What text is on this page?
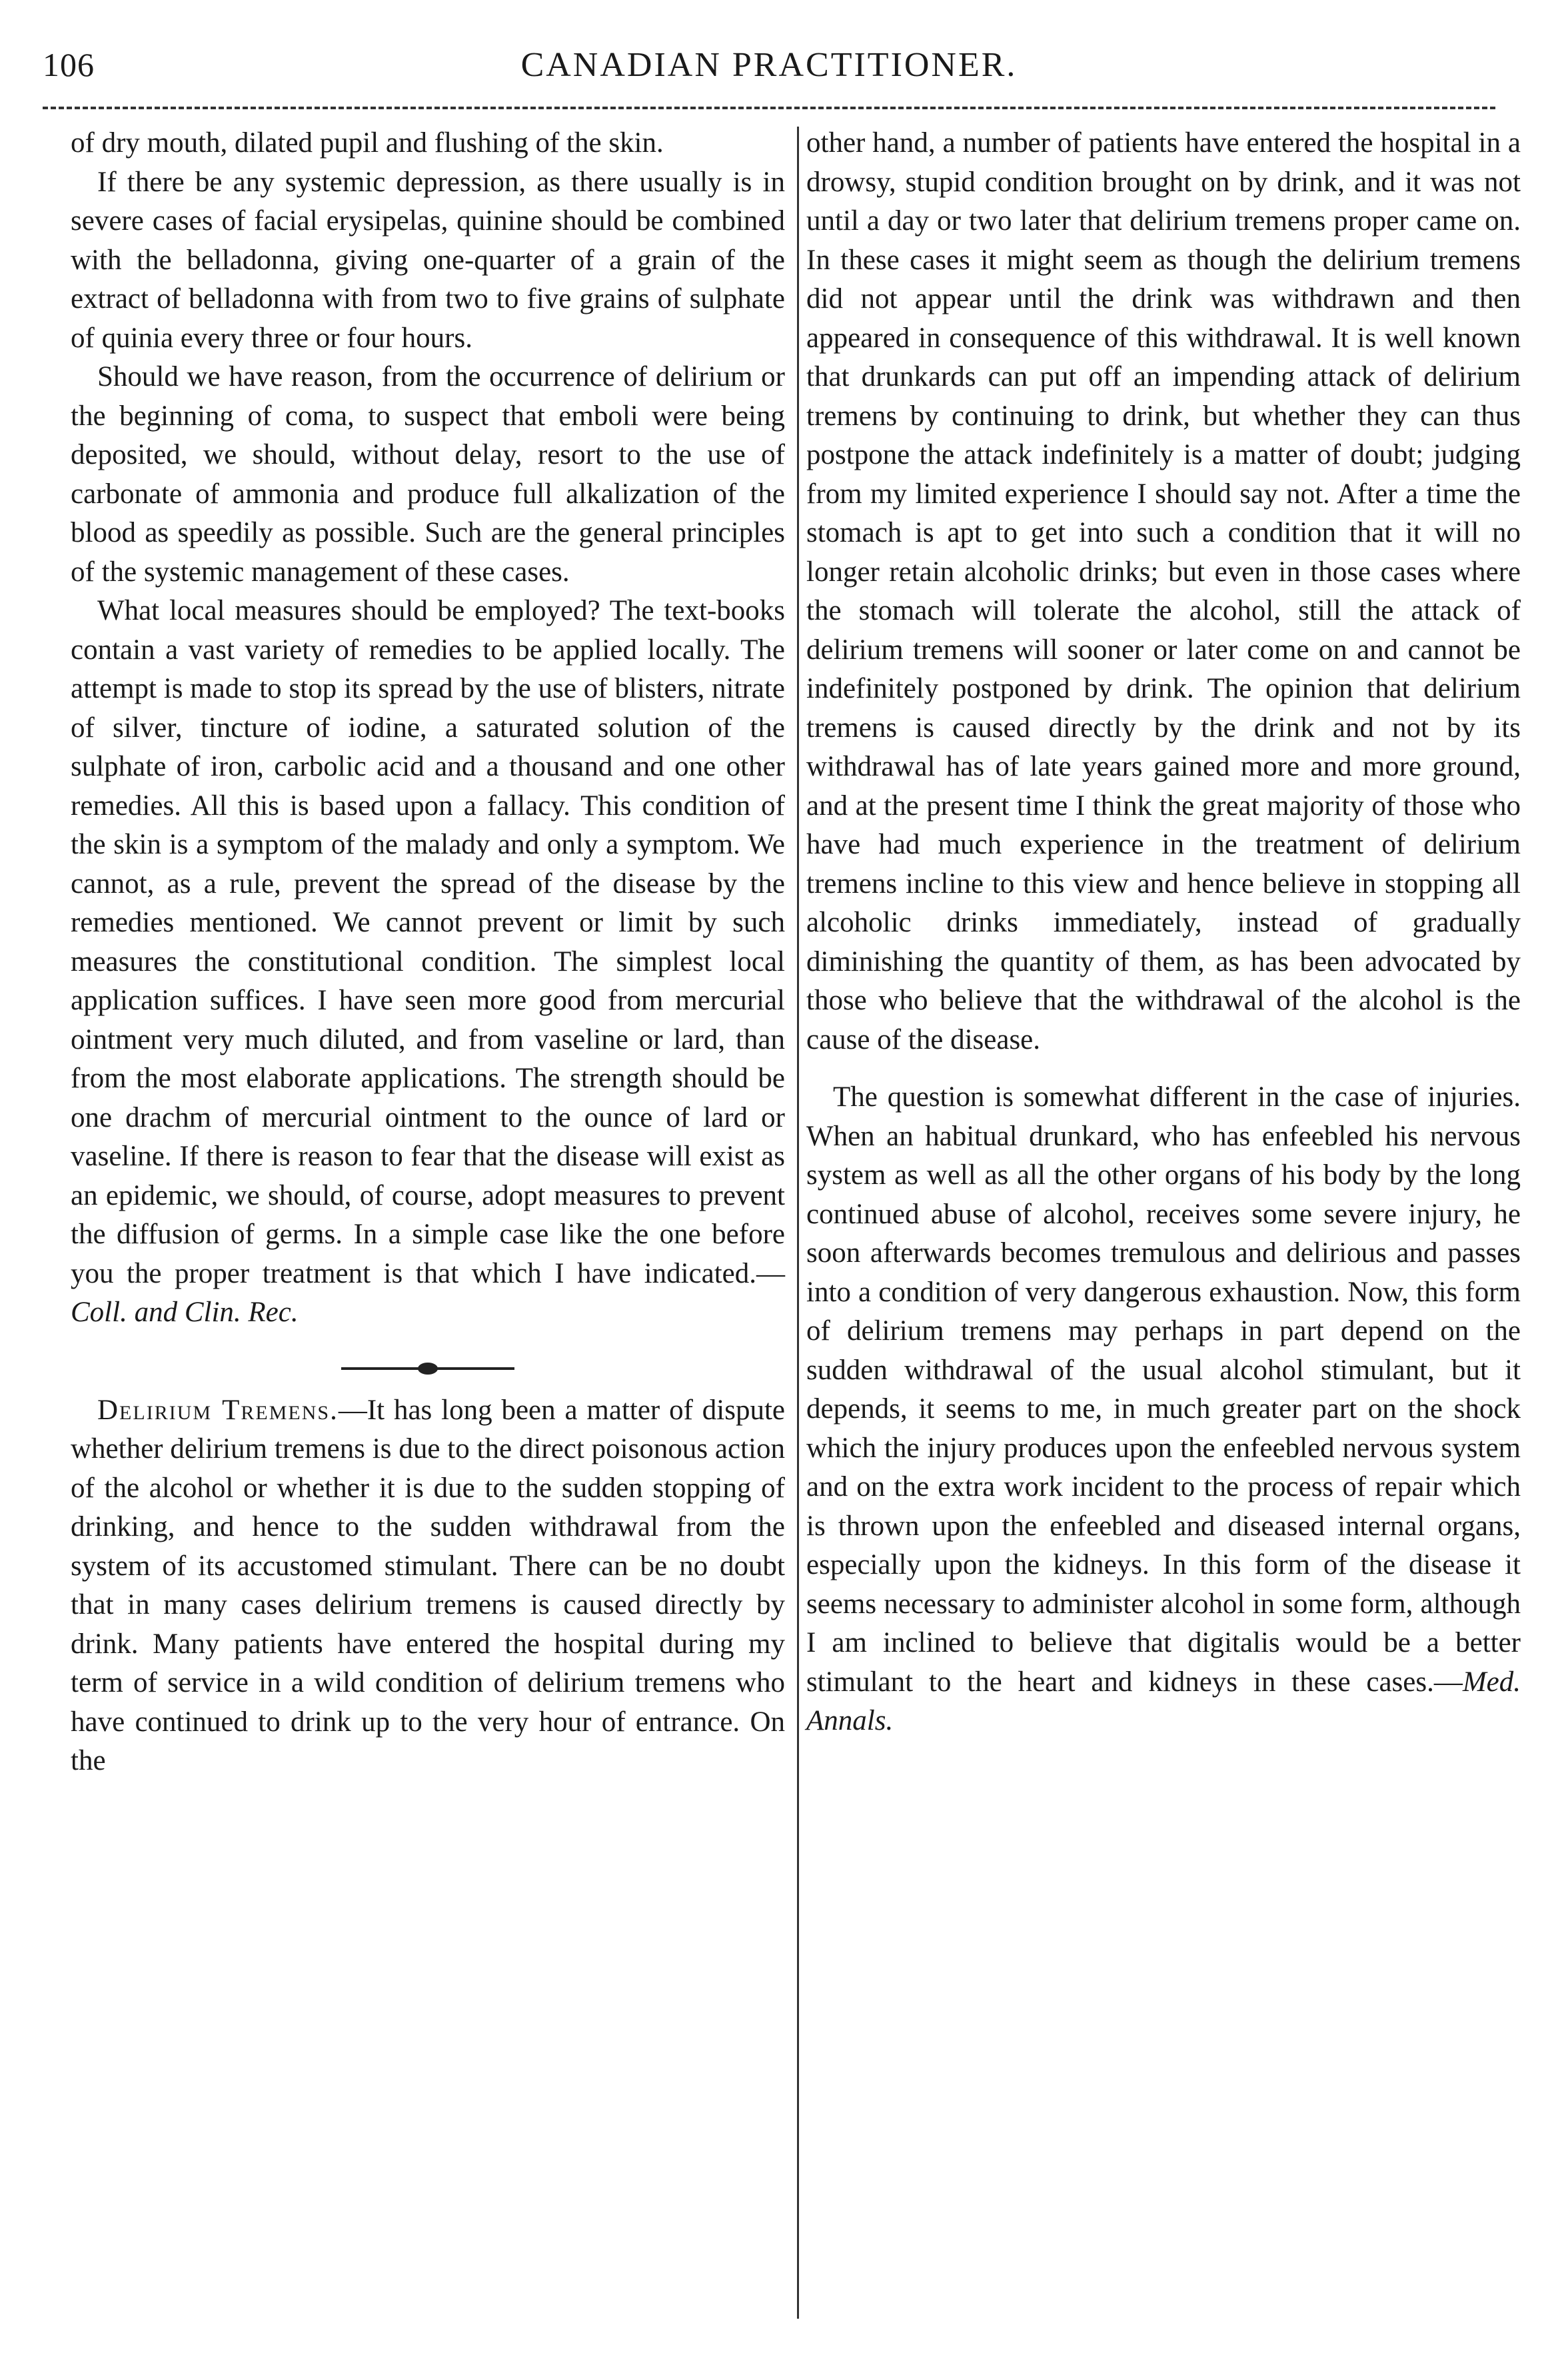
106	CANADIAN PRACTITIONER.

of dry mouth, dilated pupil and flushing of the skin.

If there be any systemic depression, as there usually is in severe cases of facial erysipelas, quinine should be combined with the belladonna, giving one-quarter of a grain of the extract of belladonna with from two to five grains of sulphate of quinia every three or four hours.

Should we have reason, from the occurrence of delirium or the beginning of coma, to suspect that emboli were being deposited, we should, without delay, resort to the use of carbonate of ammonia and produce full alkalization of the blood as speedily as possible. Such are the general principles of the systemic management of these cases.

What local measures should be employed? The text-books contain a vast variety of remedies to be applied locally. The attempt is made to stop its spread by the use of blisters, nitrate of silver, tincture of iodine, a saturated solution of the sulphate of iron, carbolic acid and a thousand and one other remedies. All this is based upon a fallacy. This condition of the skin is a symptom of the malady and only a symptom. We cannot, as a rule, prevent the spread of the disease by the remedies mentioned. We cannot prevent or limit by such measures the constitutional condition. The simplest local application suffices. I have seen more good from mercurial ointment very much diluted, and from vaseline or lard, than from the most elaborate applications. The strength should be one drachm of mercurial ointment to the ounce of lard or vaseline. If there is reason to fear that the disease will exist as an epidemic, we should, of course, adopt measures to prevent the diffusion of germs. In a simple case like the one before you the proper treatment is that which I have indicated.—Coll. and Clin. Rec.

Delirium Tremens.—It has long been a matter of dispute whether delirium tremens is due to the direct poisonous action of the alcohol or whether it is due to the sudden stopping of drinking, and hence to the sudden withdrawal from the system of its accustomed stimulant. There can be no doubt that in many cases delirium tremens is caused directly by drink. Many patients have entered the hospital during my term of service in a wild condition of delirium tremens who have continued to drink up to the very hour of entrance. On the

other hand, a number of patients have entered the hospital in a drowsy, stupid condition brought on by drink, and it was not until a day or two later that delirium tremens proper came on. In these cases it might seem as though the delirium tremens did not appear until the drink was withdrawn and then appeared in consequence of this withdrawal. It is well known that drunkards can put off an impending attack of delirium tremens by continuing to drink, but whether they can thus postpone the attack indefinitely is a matter of doubt; judging from my limited experience I should say not. After a time the stomach is apt to get into such a condition that it will no longer retain alcoholic drinks; but even in those cases where the stomach will tolerate the alcohol, still the attack of delirium tremens will sooner or later come on and cannot be indefinitely postponed by drink. The opinion that delirium tremens is caused directly by the drink and not by its withdrawal has of late years gained more and more ground, and at the present time I think the great majority of those who have had much experience in the treatment of delirium tremens incline to this view and hence believe in stopping all alcoholic drinks immediately, instead of gradually diminishing the quantity of them, as has been advocated by those who believe that the withdrawal of the alcohol is the cause of the disease.

The question is somewhat different in the case of injuries. When an habitual drunkard, who has enfeebled his nervous system as well as all the other organs of his body by the long continued abuse of alcohol, receives some severe injury, he soon afterwards becomes tremulous and delirious and passes into a condition of very dangerous exhaustion. Now, this form of delirium tremens may perhaps in part depend on the sudden withdrawal of the usual alcohol stimulant, but it depends, it seems to me, in much greater part on the shock which the injury produces upon the enfeebled nervous system and on the extra work incident to the process of repair which is thrown upon the enfeebled and diseased internal organs, especially upon the kidneys. In this form of the disease it seems necessary to administer alcohol in some form, although I am inclined to believe that digitalis would be a better stimulant to the heart and kidneys in these cases.—Med. Annals.
